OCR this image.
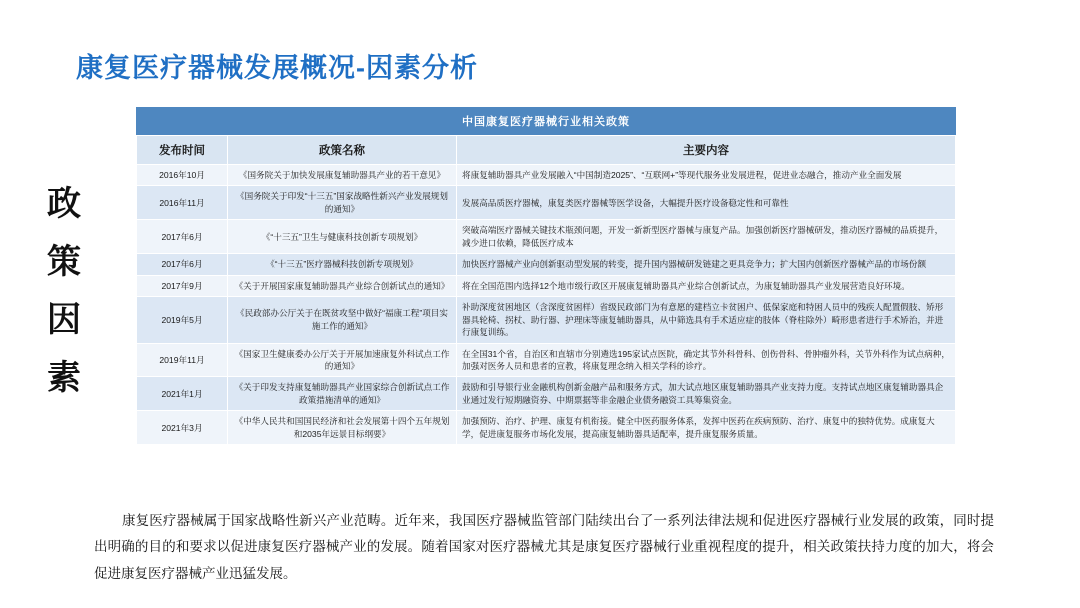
康复医疗器械发展概况-因素分析
政
策
因
素
中国康复医疗器械行业相关政策
发布时间	政策名称	主要内容
2016年10月	《国务院关于加快发展康复辅助器具产业的若干意见》	将康复辅助器具产业发展融入“中国制造2025”、“互联网+”等现代服务业发展进程，促进业态融合，推动产业全面发展
2016年11月	《国务院关于印发“十三五”国家战略性新兴产业发展规划的通知》	发展高品质医疗器械，康复类医疗器械等医学设备，大幅提升医疗设备稳定性和可靠性
2017年6月	《“十三五”卫生与健康科技创新专项规划》	突破高端医疗器械关键技术瓶颈问题，开发一新新型医疗器械与康复产品。加强创新医疗器械研发，推动医疗器械的品质提升，减少进口依赖，降低医疗成本
2017年6月	《“十三五”医疗器械科技创新专项规划》	加快医疗器械产业向创新驱动型发展的转变，提升国内器械研发链建之更具竞争力；扩大国内创新医疗器械产品的市场份额
2017年9月	《关于开展国家康复辅助器具产业综合创新试点的通知》	将在全国范围内选择12个地市级行政区开展康复辅助器具产业综合创新试点，为康复辅助器具产业发展营造良好环境。
2019年5月	《民政部办公厅关于在既贫攻坚中做好“福康工程”项目实施工作的通知》	补助深度贫困地区（含深度贫困样）省级民政部门为有意愿的建档立卡贫困户、低保家庭和特困人员中的残疾人配置假肢、矫形器具轮椅、拐杖、助行器、护理床等康复辅助器具，从中筛选具有手术适应症的肢体（脊柱除外）畸形患者进行手术矫治，并进行康复训练。
2019年11月	《国家卫生健康委办公厅关于开展加速康复外科试点工作的通知》	在全国31个省，自治区和直辖市分别遴选195家试点医院，确定其节外科骨科、创伤骨科、骨肿瘤外科，关节外科作为试点病种，加强对医务人员和患者的宣教，将康复理念纳入相关学科的诊疗。
2021年1月	《关于印发支持康复辅助器具产业国家综合创新试点工作政策措施清单的通知》	鼓励和引导银行业金融机构创新金融产品和服务方式，加大试点地区康复辅助器具产业支持力度。支持试点地区康复辅助器具企业通过发行短期融资券、中期票据等非金融企业债务融资工具筹集资金。
2021年3月	《中华人民共和国国民经济和社会发展第十四个五年规划和2035年远景目标纲要》	加强预防、治疗、护理、康复有机衔接。健全中医药服务体系，发挥中医药在疾病预防、治疗、康复中的独特优势。成康复大学，促进康复服务市场化发展，提高康复辅助器具适配率，提升康复服务质量。
康复医疗器械属于国家战略性新兴产业范畴。近年来，我国医疗器械监管部门陆续出台了一系列法律法规和促进医疗器械行业发展的政策，同时提出明确的目的和要求以促进康复医疗器械产业的发展。随着国家对医疗器械尤其是康复医疗器械行业重视程度的提升，相关政策扶持力度的加大，将会促进康复医疗器械产业迅猛发展。
